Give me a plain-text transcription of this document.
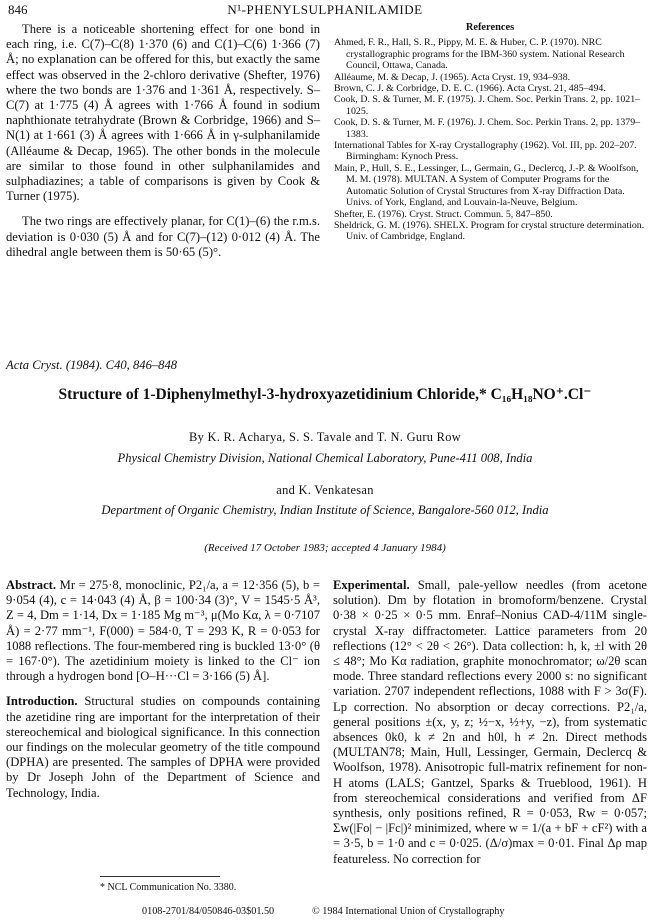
846	N¹-PHENYLSULPHANILAMIDE

There is a noticeable shortening effect for one bond in each ring, i.e. C(7)–C(8) 1·370 (6) and C(1)–C(6) 1·366 (7) Å; no explanation can be offered for this, but exactly the same effect was observed in the 2-chloro derivative (Shefter, 1976) where the two bonds are 1·376 and 1·361 Å, respectively. S–C(7) at 1·775 (4) Å agrees with 1·766 Å found in sodium naphthionate tetrahydrate (Brown & Corbridge, 1966) and S–N(1) at 1·661 (3) Å agrees with 1·666 Å in γ-sulphanilamide (Alléaume & Decap, 1965). The other bonds in the molecule are similar to those found in other sulphanilamides and sulphadiazines; a table of comparisons is given by Cook & Turner (1975).

The two rings are effectively planar, for C(1)–(6) the r.m.s. deviation is 0·030 (5) Å and for C(7)–(12) 0·012 (4) Å. The dihedral angle between them is 50·65 (5)°.

References
Ahmed, F. R., Hall, S. R., Pippy, M. E. & Huber, C. P. (1970). NRC crystallographic programs for the IBM-360 system. National Research Council, Ottawa, Canada.
Alléaume, M. & Decap, J. (1965). Acta Cryst. 19, 934–938.
Brown, C. J. & Corbridge, D. E. C. (1966). Acta Cryst. 21, 485–494.
Cook, D. S. & Turner, M. F. (1975). J. Chem. Soc. Perkin Trans. 2, pp. 1021–1025.
Cook, D. S. & Turner, M. F. (1976). J. Chem. Soc. Perkin Trans. 2, pp. 1379–1383.
International Tables for X-ray Crystallography (1962). Vol. III, pp. 202–207. Birmingham: Kynoch Press.
Main, P., Hull, S. E., Lessinger, L., Germain, G., Declercq, J.-P. & Woolfson, M. M. (1978). MULTAN. A System of Computer Programs for the Automatic Solution of Crystal Structures from X-ray Diffraction Data. Univs. of York, England, and Louvain-la-Neuve, Belgium.
Shefter, E. (1976). Cryst. Struct. Commun. 5, 847–850.
Sheldrick, G. M. (1976). SHELX. Program for crystal structure determination. Univ. of Cambridge, England.
Acta Cryst. (1984). C40, 846–848
Structure of 1-Diphenylmethyl-3-hydroxyazetidinium Chloride,* C₁₆H₁₈NO⁺.Cl⁻
By K. R. Acharya, S. S. Tavale and T. N. Guru Row
Physical Chemistry Division, National Chemical Laboratory, Pune-411 008, India
and K. Venkatesan
Department of Organic Chemistry, Indian Institute of Science, Bangalore-560 012, India
(Received 17 October 1983; accepted 4 January 1984)

Abstract. Mr = 275·8, monoclinic, P2₁/a, a = 12·356 (5), b = 9·054 (4), c = 14·043 (4) Å, β = 100·34 (3)°, V = 1545·5 Å³, Z = 4, Dm = 1·14, Dx = 1·185 Mg m⁻³, μ(Mo Kα, λ = 0·7107 Å) = 2·77 mm⁻¹, F(000) = 584·0, T = 293 K, R = 0·053 for 1088 reflections. The four-membered ring is buckled 13·0° (θ = 167·0°). The azetidinium moiety is linked to the Cl⁻ ion through a hydrogen bond [O–H···Cl = 3·166 (5) Å].

Introduction. Structural studies on compounds containing the azetidine ring are important for the interpretation of their stereochemical and biological significance. In this connection our findings on the molecular geometry of the title compound (DPHA) are presented. The samples of DPHA were provided by Dr Joseph John of the Department of Science and Technology, India.

Experimental. Small, pale-yellow needles (from acetone solution). Dm by flotation in bromoform/benzene. Crystal 0·38 × 0·25 × 0·5 mm. Enraf–Nonius CAD-4/11M single-crystal X-ray diffractometer. Lattice parameters from 20 reflections (12° < 2θ < 26°). Data collection: h, k, ±l with 2θ ≤ 48°; Mo Kα radiation, graphite monochromator; ω/2θ scan mode. Three standard reflections every 2000 s: no significant variation. 2707 independent reflections, 1088 with F > 3σ(F). Lp correction. No absorption or decay corrections. P2₁/a, general positions ±(x, y, z; ½−x, ½+y, −z), from systematic absences 0k0, k ≠ 2n and h0l, h ≠ 2n. Direct methods (MULTAN78; Main, Hull, Lessinger, Germain, Declercq & Woolfson, 1978). Anisotropic full-matrix refinement for non-H atoms (LALS; Gantzel, Sparks & Trueblood, 1961). H from stereochemical considerations and verified from ΔF synthesis, only positions refined, R = 0·053, Rw = 0·057; Σw(|Fo| − |Fc|)² minimized, where w = 1/(a + bF + cF²) with a = 3·5, b = 1·0 and c = 0·025. (Δ/σ)max = 0·01. Final Δρ map featureless. No correction for

* NCL Communication No. 3380.
0108-2701/84/050846-03$01.50	© 1984 International Union of Crystallography
